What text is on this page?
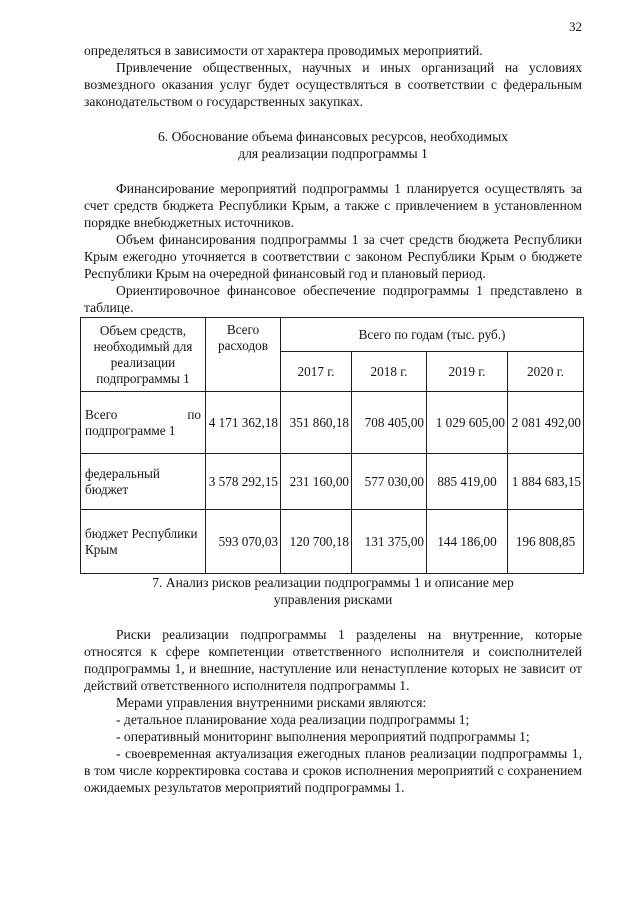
32

определяться в зависимости от характера проводимых мероприятий.

Привлечение общественных, научных и иных организаций на условиях возмездного оказания услуг будет осуществляться в соответствии с федеральным законодательством о государственных закупках.

6. Обоснование объема финансовых ресурсов, необходимых

для реализации подпрограммы 1

Финансирование мероприятий подпрограммы 1 планируется осуществлять за счет средств бюджета Республики Крым, а также с привлечением в установленном порядке внебюджетных источников.

Объем финансирования подпрограммы 1 за счет средств бюджета Республики Крым ежегодно уточняется в соответствии с законом Республики Крым о бюджете Республики Крым на очередной финансовый год и плановый период.

Ориентировочное финансовое обеспечение подпрограммы 1 представлено в таблице.

Объем средств, необходимый для реализации подпрограммы 1	Всего расходов	Всего по годам (тыс. руб.)			
		2017 г.	2018 г.	2019 г.	2020 г.

Всего по
подпрограмме 1	4 171 362,18	351 860,18	708 405,00	1 029 605,00	2 081 492,00
федеральный бюджет	3 578 292,15	231 160,00	577 030,00	885 419,00	1 884 683,15
бюджет Республики Крым	593 070,03	120 700,18	131 375,00	144 186,00	196 808,85

7. Анализ рисков реализации подпрограммы 1 и описание мер

управления рисками

Риски реализации подпрограммы 1 разделены на внутренние, которые относятся к сфере компетенции ответственного исполнителя и соисполнителей подпрограммы 1, и внешние, наступление или ненаступление которых не зависит от действий ответственного исполнителя подпрограммы 1.

Мерами управления внутренними рисками являются:

- детальное планирование хода реализации подпрограммы 1;

- оперативный мониторинг выполнения мероприятий подпрограммы 1;

- своевременная актуализация ежегодных планов реализации подпрограммы 1, в том числе корректировка состава и сроков исполнения мероприятий с сохранением ожидаемых результатов мероприятий подпрограммы 1.
